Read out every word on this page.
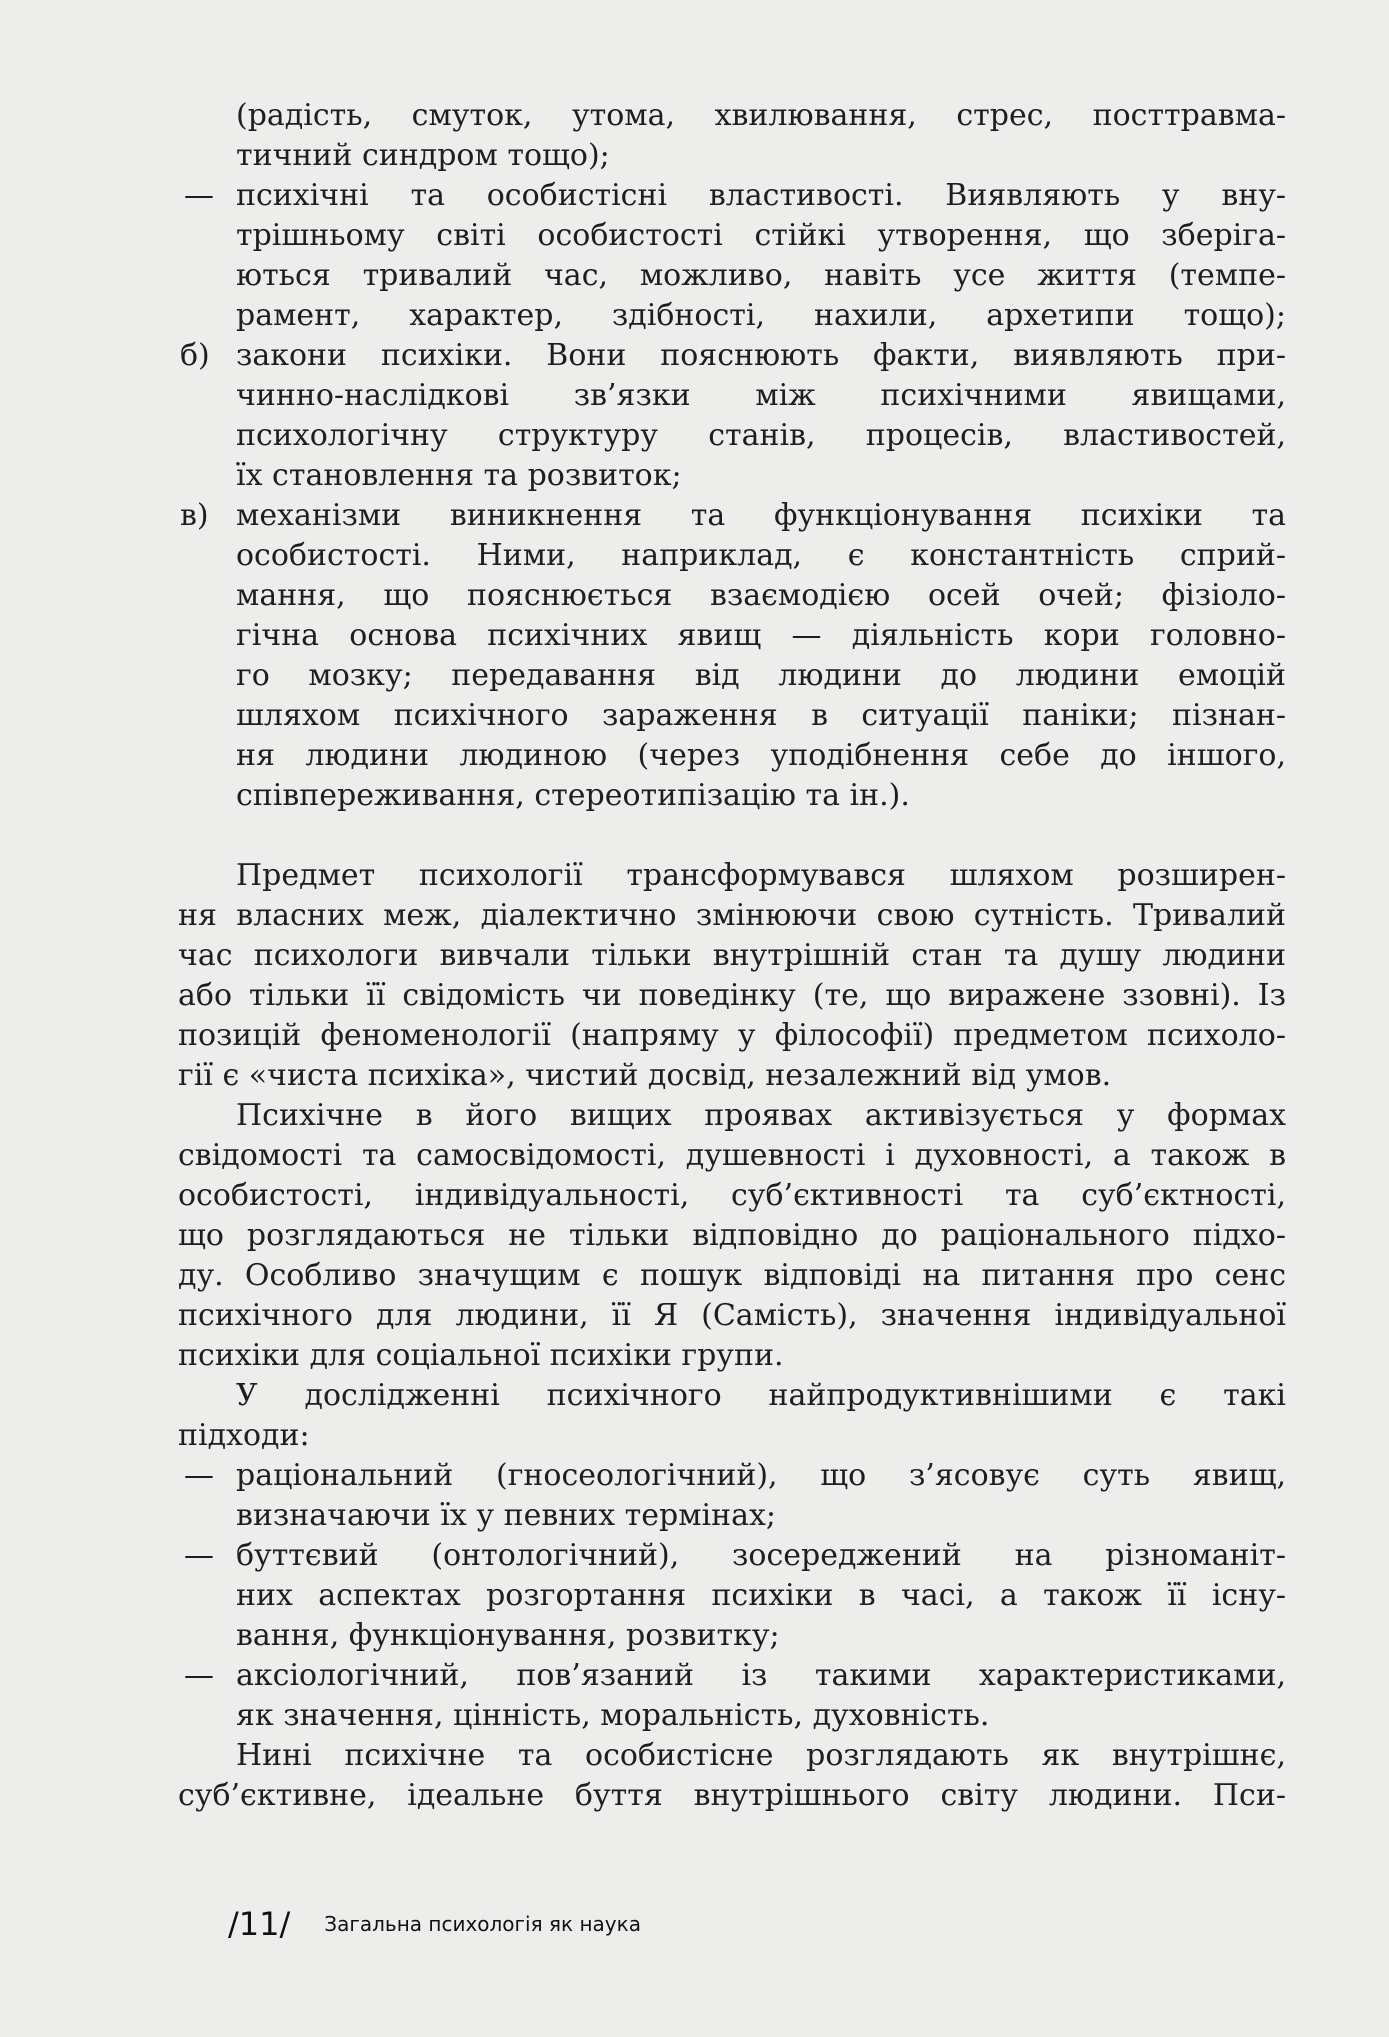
(радість, смуток, утома, хвилювання, стрес, посттравма-
тичний синдром тощо);
— психічні та особистісні властивості. Виявляють у вну-
трішньому світі особистості стійкі утворення, що зберіга-
ються тривалий час, можливо, навіть усе життя (темпе-
рамент, характер, здібності, нахили, архетипи тощо);
б) закони психіки. Вони пояснюють факти, виявляють при-
чинно-наслідкові зв’язки між психічними явищами,
психологічну структуру станів, процесів, властивостей,
їх становлення та розвиток;
в) механізми виникнення та функціонування психіки та
особистості. Ними, наприклад, є константність сприй-
мання, що пояснюється взаємодією осей очей; фізіоло-
гічна основа психічних явищ — діяльність кори головно-
го мозку; передавання від людини до людини емоцій
шляхом психічного зараження в ситуації паніки; пізнан-
ня людини людиною (через уподібнення себе до іншого,
співпереживання, стереотипізацію та ін.).
Предмет психології трансформувався шляхом розширен-
ня власних меж, діалектично змінюючи свою сутність. Тривалий
час психологи вивчали тільки внутрішній стан та душу людини
або тільки її свідомість чи поведінку (те, що виражене ззовні). Із
позицій феноменології (напряму у філософії) предметом психоло-
гії є «чиста психіка», чистий досвід, незалежний від умов.
Психічне в його вищих проявах активізується у формах
свідомості та самосвідомості, душевності і духовності, а також в
особистості, індивідуальності, суб’єктивності та суб’єктності,
що розглядаються не тільки відповідно до раціонального підхо-
ду. Особливо значущим є пошук відповіді на питання про сенс
психічного для людини, її Я (Самість), значення індивідуальної
психіки для соціальної психіки групи.
У дослідженні психічного найпродуктивнішими є такі
підходи:
— раціональний (гносеологічний), що з’ясовує суть явищ,
визначаючи їх у певних термінах;
— буттєвий (онтологічний), зосереджений на різноманіт-
них аспектах розгортання психіки в часі, а також її існу-
вання, функціонування, розвитку;
— аксіологічний, пов’язаний із такими характеристиками,
як значення, цінність, моральність, духовність.
Нині психічне та особистісне розглядають як внутрішнє,
суб’єктивне, ідеальне буття внутрішнього світу людини. Пси-
/11/ Загальна психологія як наука
